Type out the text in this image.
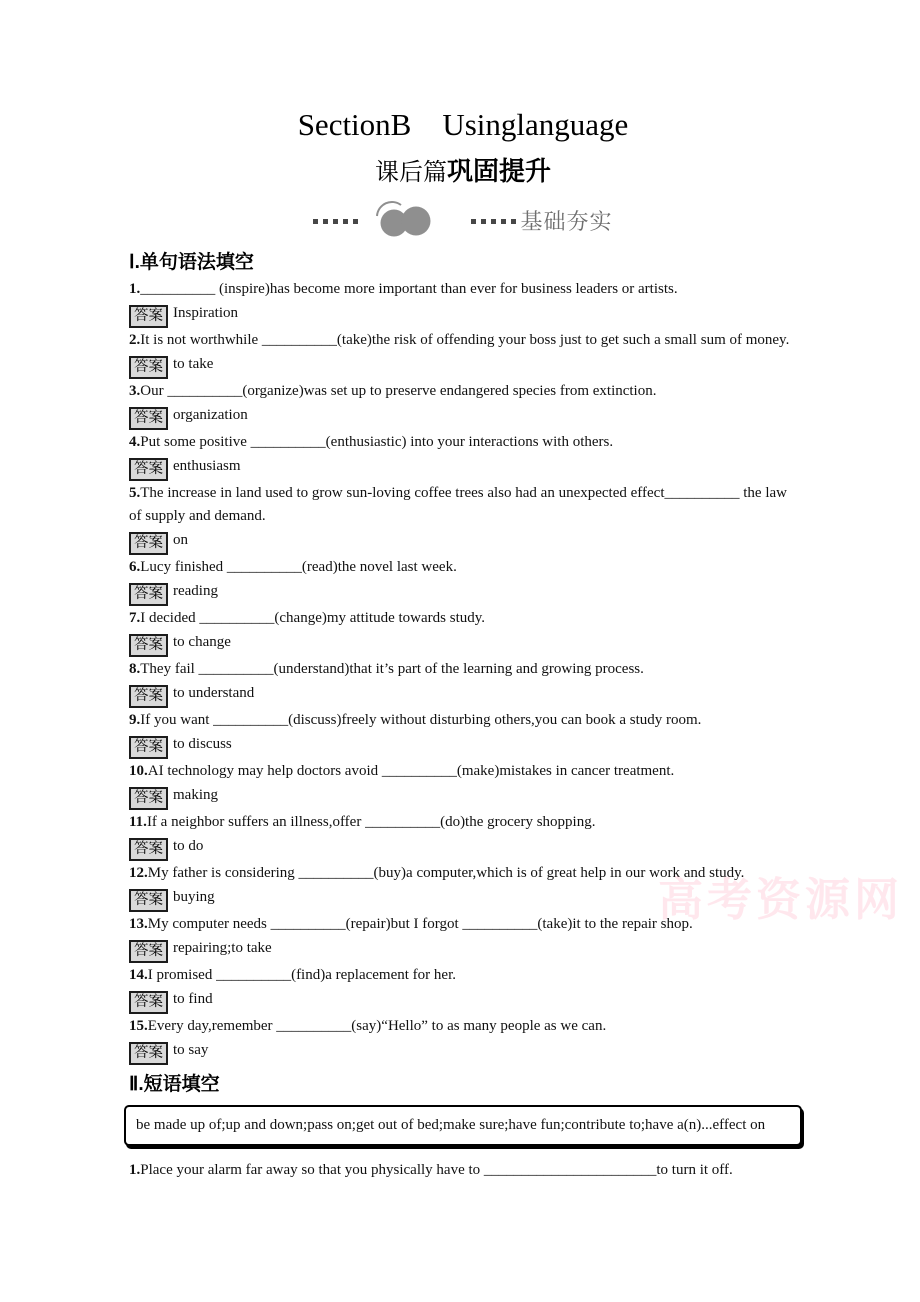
SectionB　Usinglanguage
课后篇巩固提升
基础夯实
Ⅰ.单句语法填空

1.__________ (inspire)has become more important than ever for business leaders or artists.

答案 Inspiration

2.It is not worthwhile __________(take)the risk of offending your boss just to get such a small sum of money.

答案 to take

3.Our __________(organize)was set up to preserve endangered species from extinction.

答案 organization

4.Put some positive __________(enthusiastic) into your interactions with others.

答案 enthusiasm

5.The increase in land used to grow sun-loving coffee trees also had an unexpected effect__________ the law of supply and demand.

答案 on

6.Lucy finished __________(read)the novel last week.

答案 reading

7.I decided __________(change)my attitude towards study.

答案 to change

8.They fail __________(understand)that it’s part of the learning and growing process.

答案 to understand

9.If you want __________(discuss)freely without disturbing others,you can book a study room.

答案 to discuss

10.AI technology may help doctors avoid __________(make)mistakes in cancer treatment.

答案 making

11.If a neighbor suffers an illness,offer __________(do)the grocery shopping.

答案 to do

12.My father is considering __________(buy)a computer,which is of great help in our work and study.

答案 buying

13.My computer needs __________(repair)but I forgot __________(take)it to the repair shop.

答案 repairing;to take

14.I promised __________(find)a replacement for her.

答案 to find

15.Every day,remember __________(say)“Hello” to as many people as we can.

答案 to say

Ⅱ.短语填空
be made up of;up and down;pass on;get out of bed;make sure;have fun;contribute to;have a(n)...effect on

1.Place your alarm far away so that you physically have to _______________________to turn it off.

高考资源网
